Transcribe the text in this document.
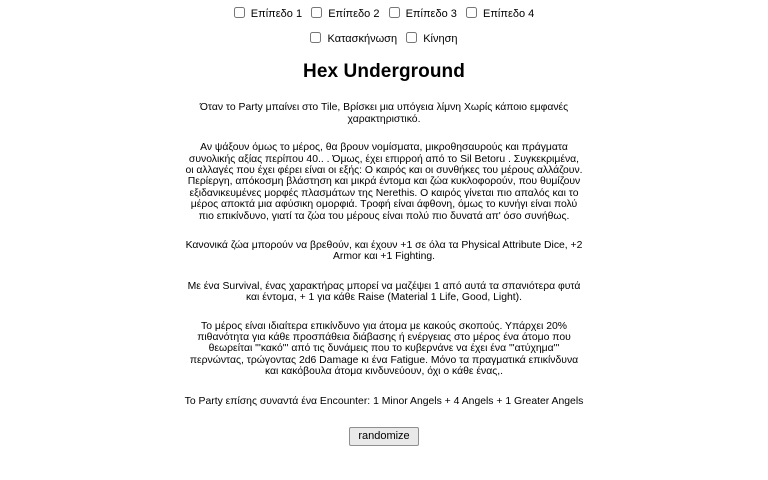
Επίπεδο 1 Επίπεδο 2 Επίπεδο 3 Επίπεδο 4
Κατασκήνωση Κίνηση
Hex Underground

Όταν το Party μπαίνει στο Tile, Βρίσκει μια υπόγεια λίμνη Χωρίς κάποιο εμφανές χαρακτηριστικό.

Αν ψάξουν όμως το μέρος, θα βρουν νομίσματα, μικροθησαυρούς και πράγματα συνολικής αξίας περίπου 40.. . Όμως, έχει επιρροή από το Sil Betoru . Συγκεκριμένα, οι αλλαγές που έχει φέρει είναι οι εξής: Ο καιρός και οι συνθήκες του μέρους αλλάζουν. Περίεργη, απόκοσμη βλάστηση και μικρά έντομα και ζώα κυκλοφορούν, που θυμίζουν εξιδανικευμένες μορφές πλασμάτων της Nerethis. Ο καιρός γίνεται πιο απαλός και το μέρος αποκτά μια αφύσικη ομορφιά. Τροφή είναι άφθονη, όμως το κυνήγι είναι πολύ πιο επικίνδυνο, γιατί τα ζώα του μέρους είναι πολύ πιο δυνατά απ' όσο συνήθως.

Κανονικά ζώα μπορούν να βρεθούν, και έχουν +1 σε όλα τα Physical Attribute Dice, +2 Armor και +1 Fighting.

Με ένα Survival, ένας χαρακτήρας μπορεί να μαζέψει 1 από αυτά τα σπανιότερα φυτά και έντομα, + 1 για κάθε Raise (Material 1 Life, Good, Light).

Το μέρος είναι ιδιαίτερα επικίνδυνο για άτομα με κακούς σκοπούς. Υπάρχει 20% πιθανότητα για κάθε προσπάθεια διάβασης ή ενέργειας στο μέρος ένα άτομο που θεωρείται "'κακό"' από τις δυνάμεις που το κυβερνάνε να έχει ένα "'ατύχημα"' περνώντας, τρώγοντας 2d6 Damage κι ένα Fatigue. Μόνο τα πραγματικά επικίνδυνα και κακόβουλα άτομα κινδυνεύουν, όχι ο κάθε ένας,.

Το Party επίσης συναντά ένα Encounter: 1 Minor Angels + 4 Angels + 1 Greater Angels

randomize
